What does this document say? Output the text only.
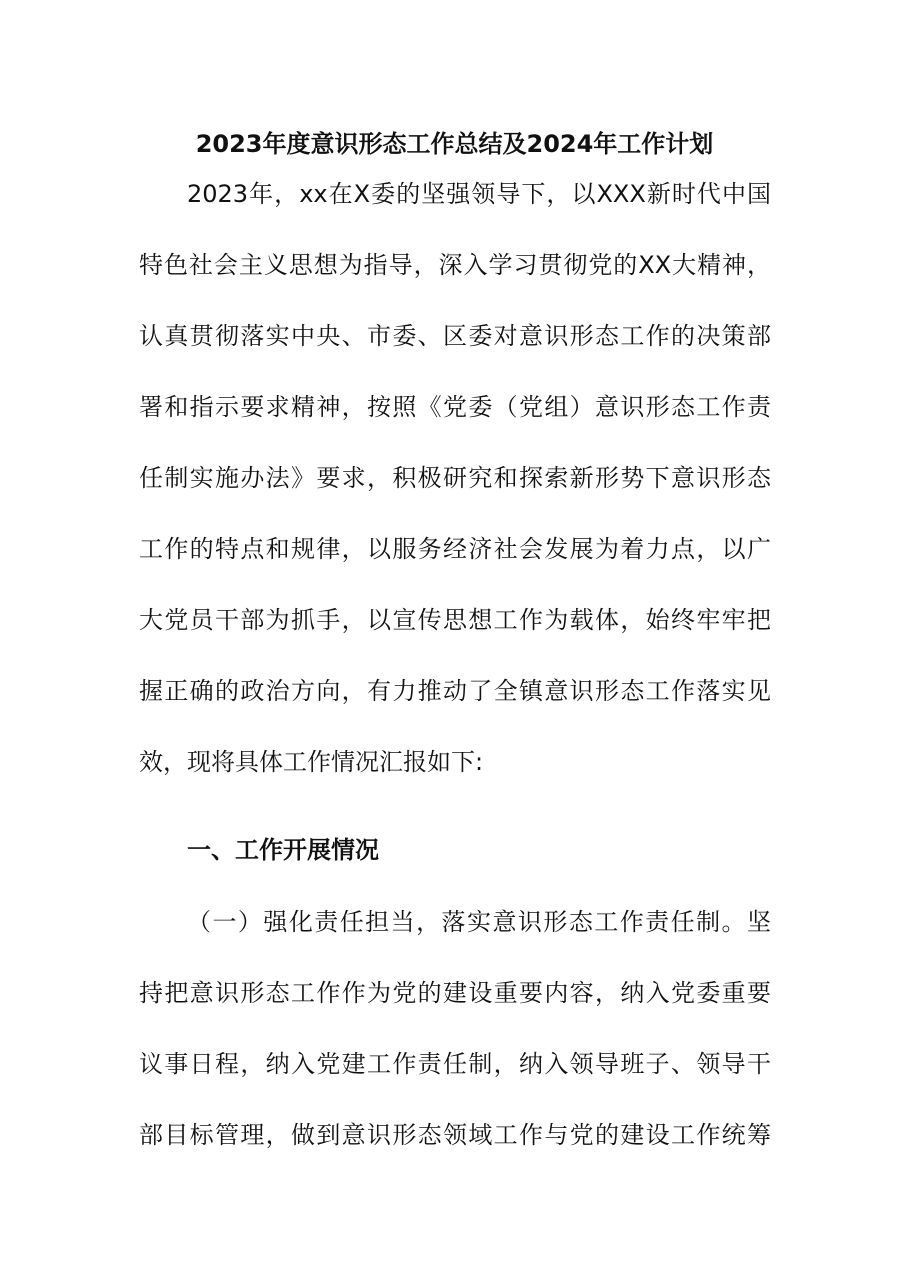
2023年度意识形态工作总结及2024年工作计划
2023年，xx在X委的坚强领导下，以XXX新时代中国
特色社会主义思想为指导，深入学习贯彻党的XX大精神，
认真贯彻落实中央、市委、区委对意识形态工作的决策部
署和指示要求精神，按照《党委（党组）意识形态工作责
任制实施办法》要求，积极研究和探索新形势下意识形态
工作的特点和规律，以服务经济社会发展为着力点，以广
大党员干部为抓手，以宣传思想工作为载体，始终牢牢把
握正确的政治方向，有力推动了全镇意识形态工作落实见
效，现将具体工作情况汇报如下:
一、工作开展情况
（一）强化责任担当，落实意识形态工作责任制。坚
持把意识形态工作作为党的建设重要内容，纳入党委重要
议事日程，纳入党建工作责任制，纳入领导班子、领导干
部目标管理，做到意识形态领域工作与党的建设工作统筹
